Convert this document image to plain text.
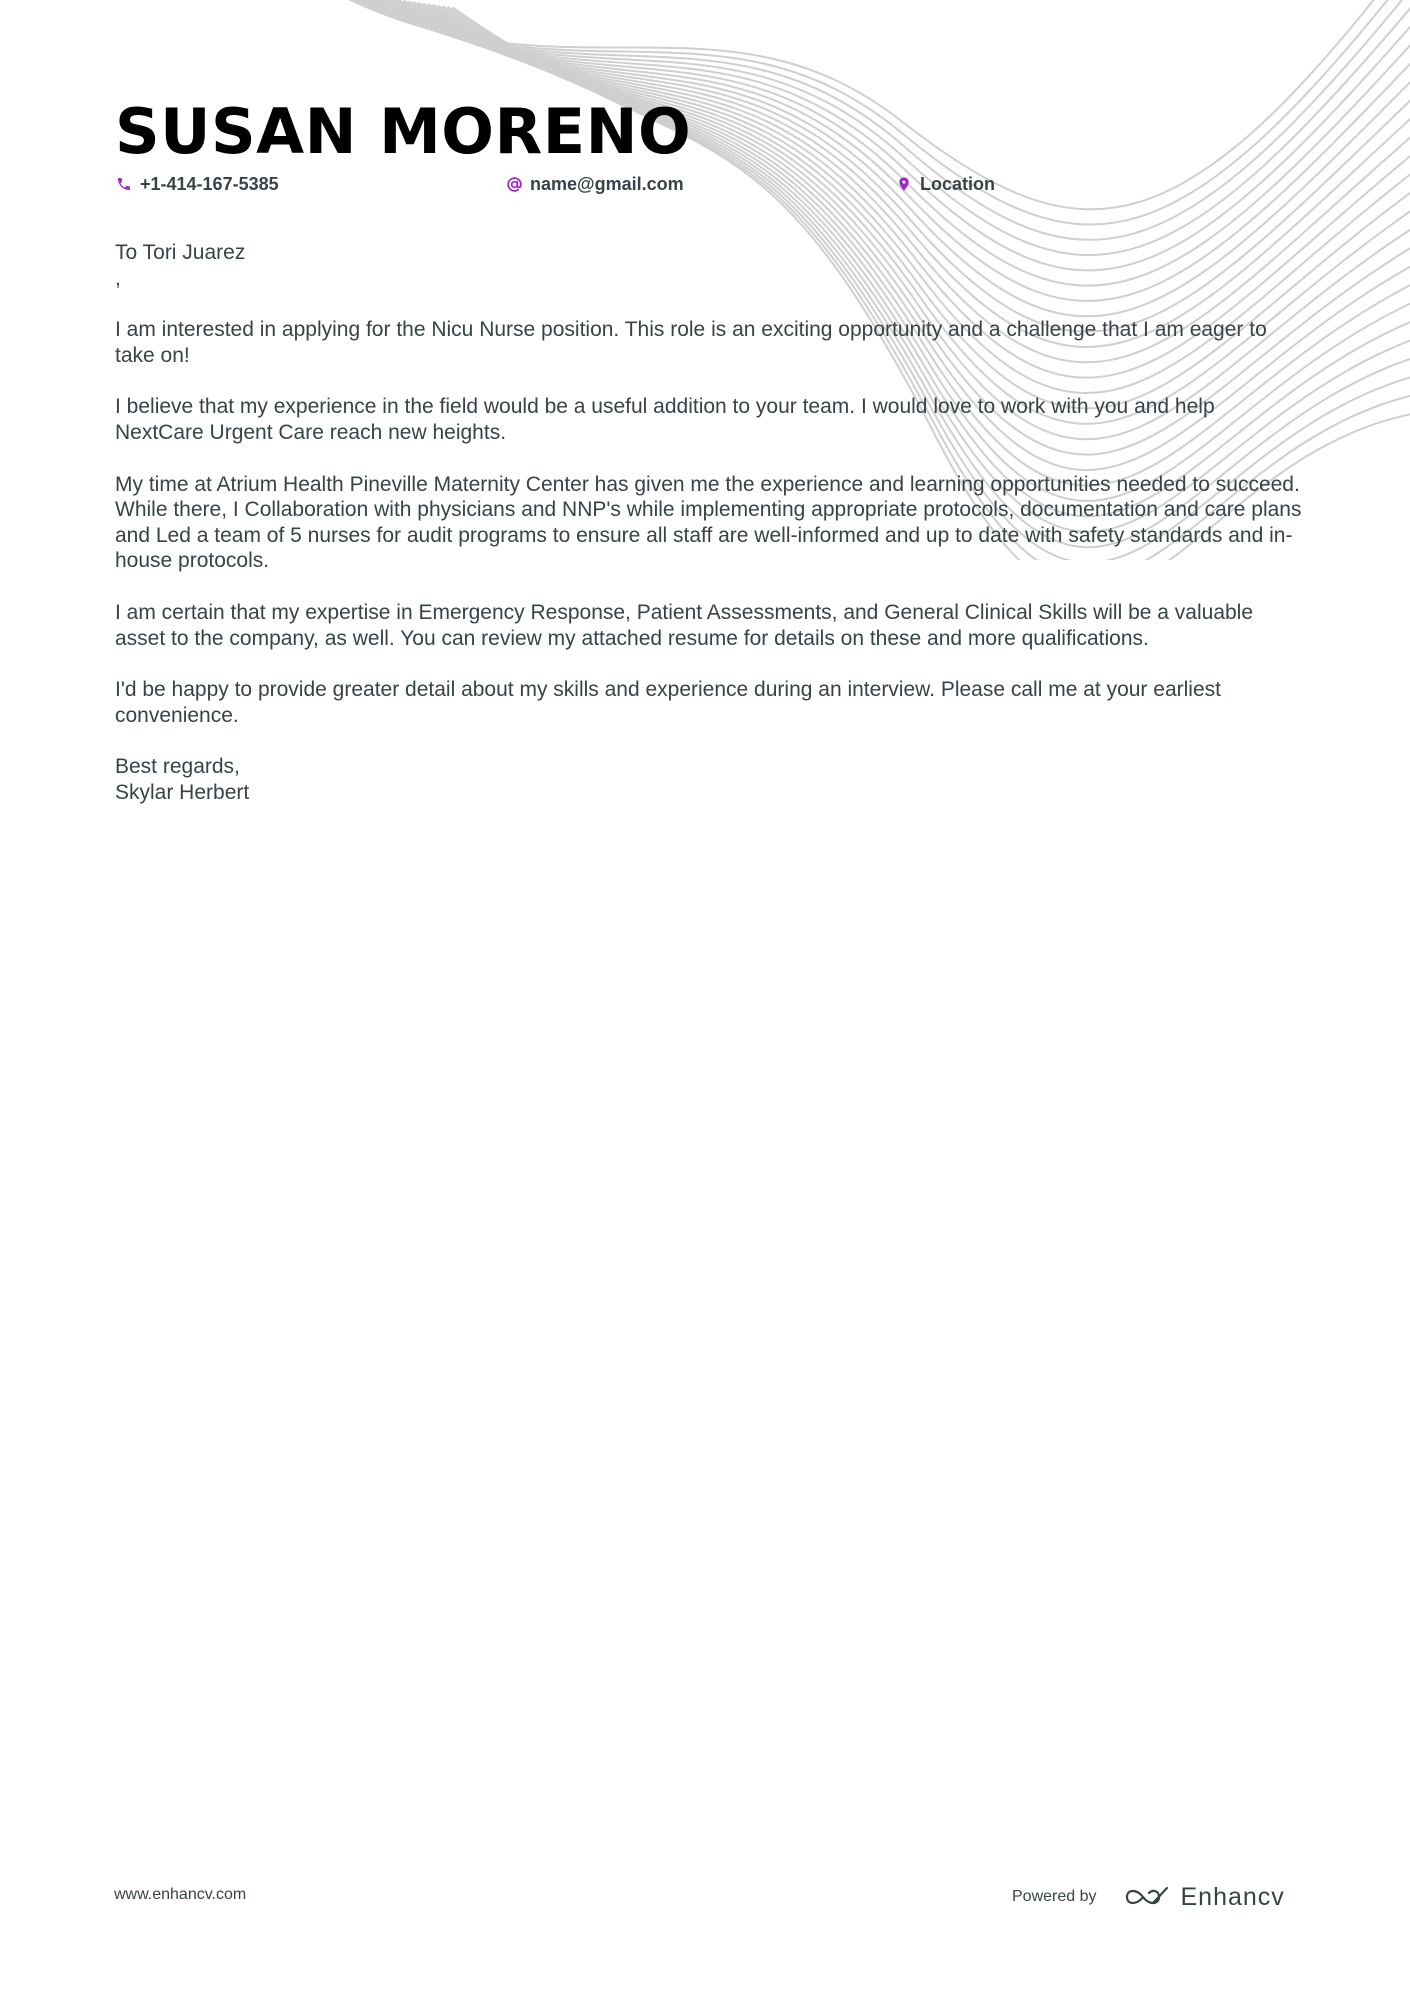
SUSAN MORENO
+1-414-167-5385	name@gmail.com	Location

To Tori Juarez
,

I am interested in applying for the Nicu Nurse position. This role is an exciting opportunity and a challenge that I am eager to take on!

I believe that my experience in the field would be a useful addition to your team. I would love to work with you and help NextCare Urgent Care reach new heights.

My time at Atrium Health Pineville Maternity Center has given me the experience and learning opportunities needed to succeed. While there, I Collaboration with physicians and NNP's while implementing appropriate protocols, documentation and care plans and Led a team of 5 nurses for audit programs to ensure all staff are well-informed and up to date with safety standards and in-house protocols.

I am certain that my expertise in Emergency Response, Patient Assessments, and General Clinical Skills will be a valuable asset to the company, as well. You can review my attached resume for details on these and more qualifications.

I'd be happy to provide greater detail about my skills and experience during an interview. Please call me at your earliest convenience.

Best regards,
Skylar Herbert

www.enhancv.com	Powered by	Enhancv
